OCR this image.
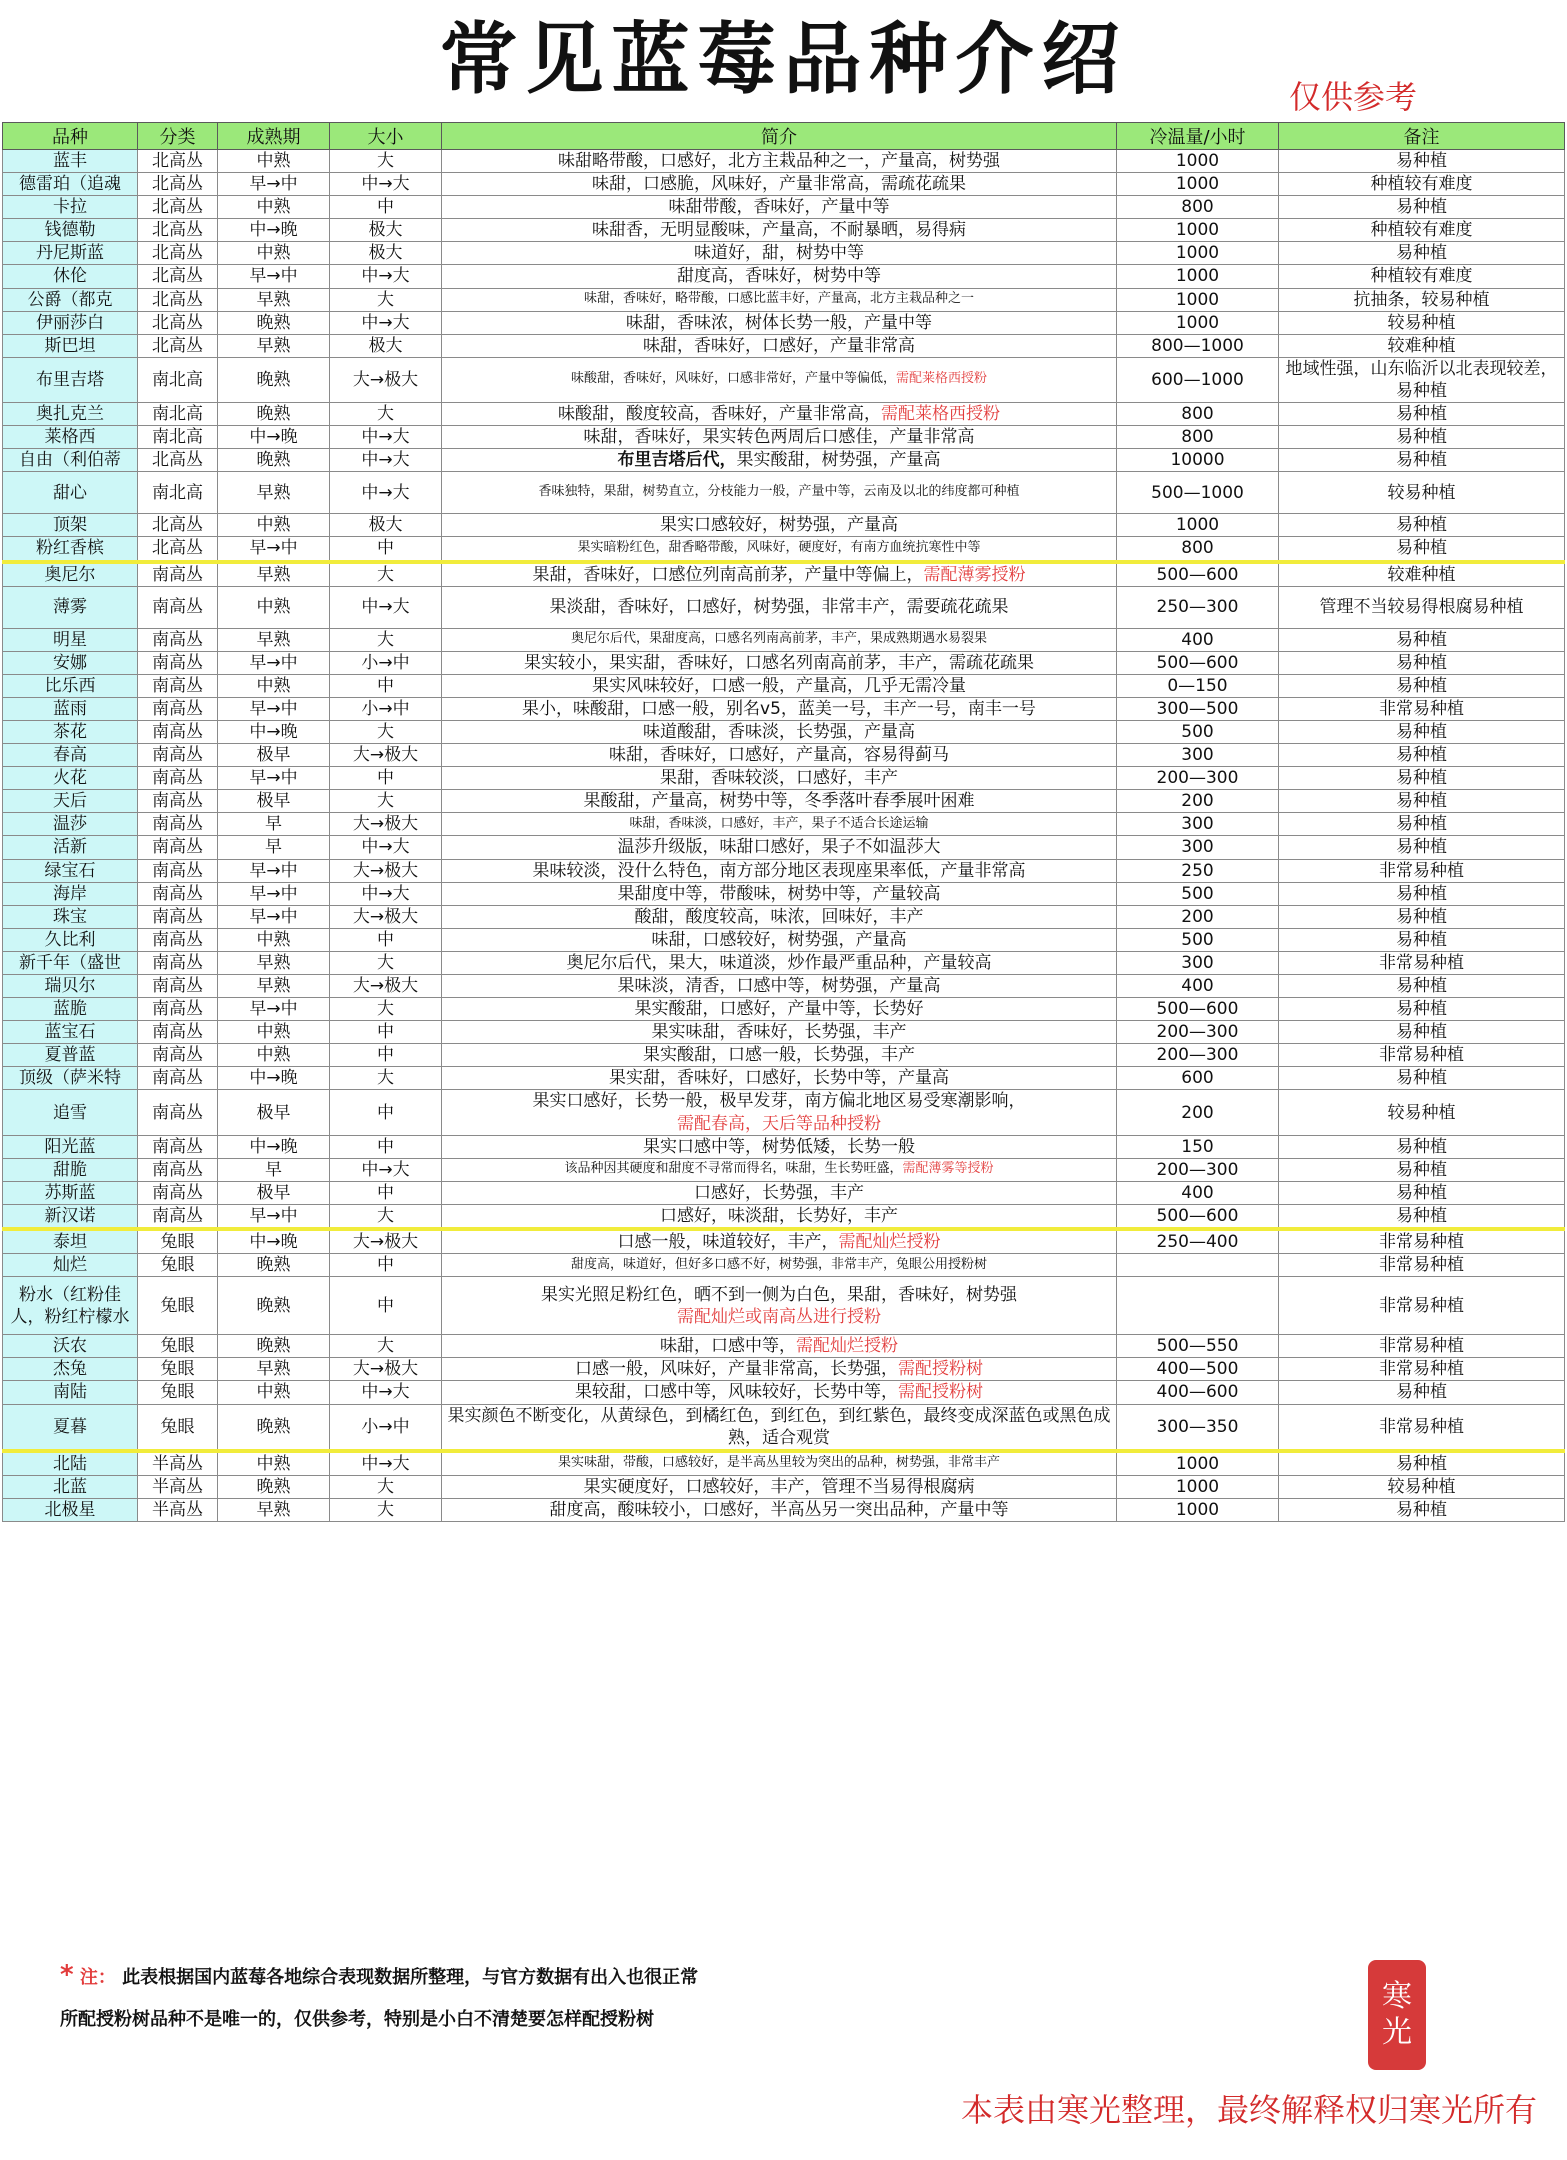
常见蓝莓品种介绍	仅供参考
品种	分类	成熟期	大小	简介	冷温量/小时	备注
蓝丰	北高丛	中熟	大	味甜略带酸，口感好，北方主栽品种之一，产量高，树势强	1000	易种植
德雷珀（追魂	北高丛	早→中	中→大	味甜，口感脆，风味好，产量非常高，需疏花疏果	1000	种植较有难度
卡拉	北高丛	中熟	中	味甜带酸，香味好，产量中等	800	易种植
钱德勒	北高丛	中→晚	极大	味甜香，无明显酸味，产量高，不耐暴晒，易得病	1000	种植较有难度
丹尼斯蓝	北高丛	中熟	极大	味道好，甜，树势中等	1000	易种植
休伦	北高丛	早→中	中→大	甜度高，香味好，树势中等	1000	种植较有难度
公爵（都克	北高丛	早熟	大	味甜，香味好，略带酸，口感比蓝丰好，产量高，北方主栽品种之一	1000	抗抽条，较易种植
伊丽莎白	北高丛	晚熟	中→大	味甜，香味浓，树体长势一般，产量中等	1000	较易种植
斯巴坦	北高丛	早熟	极大	味甜，香味好，口感好，产量非常高	800—1000	较难种植
布里吉塔	南北高	晚熟	大→极大	味酸甜，香味好，风味好，口感非常好，产量中等偏低，需配莱格西授粉	600—1000	地域性强，山东临沂以北表现较差，易种植
奥扎克兰	南北高	晚熟	大	味酸甜，酸度较高，香味好，产量非常高，需配莱格西授粉	800	易种植
莱格西	南北高	中→晚	中→大	味甜，香味好，果实转色两周后口感佳，产量非常高	800	易种植
自由（利伯蒂	北高丛	晚熟	中→大	布里吉塔后代，果实酸甜，树势强，产量高	10000	易种植
甜心	南北高	早熟	中→大	香味独特，果甜，树势直立，分枝能力一般，产量中等，云南及以北的纬度都可种植	500—1000	较易种植
顶架	北高丛	中熟	极大	果实口感较好，树势强，产量高	1000	易种植
粉红香槟	北高丛	早→中	中	果实暗粉红色，甜香略带酸，风味好，硬度好，有南方血统抗寒性中等	800	易种植
奥尼尔	南高丛	早熟	大	果甜，香味好，口感位列南高前茅，产量中等偏上，需配薄雾授粉	500—600	较难种植
薄雾	南高丛	中熟	中→大	果淡甜，香味好，口感好，树势强，非常丰产，需要疏花疏果	250—300	管理不当较易得根腐易种植
明星	南高丛	早熟	大	奥尼尔后代，果甜度高，口感名列南高前茅，丰产，果成熟期遇水易裂果	400	易种植
安娜	南高丛	早→中	小→中	果实较小，果实甜，香味好，口感名列南高前茅，丰产，需疏花疏果	500—600	易种植
比乐西	南高丛	中熟	中	果实风味较好，口感一般，产量高，几乎无需冷量	0—150	易种植
蓝雨	南高丛	早→中	小→中	果小，味酸甜，口感一般，别名v5，蓝美一号，丰产一号，南丰一号	300—500	非常易种植
茶花	南高丛	中→晚	大	味道酸甜，香味淡，长势强，产量高	500	易种植
春高	南高丛	极早	大→极大	味甜，香味好，口感好，产量高，容易得蓟马	300	易种植
火花	南高丛	早→中	中	果甜，香味较淡，口感好，丰产	200—300	易种植
天后	南高丛	极早	大	果酸甜，产量高，树势中等，冬季落叶春季展叶困难	200	易种植
温莎	南高丛	早	大→极大	味甜，香味淡，口感好，丰产，果子不适合长途运输	300	易种植
活新	南高丛	早	中→大	温莎升级版，味甜口感好，果子不如温莎大	300	易种植
绿宝石	南高丛	早→中	大→极大	果味较淡，没什么特色，南方部分地区表现座果率低，产量非常高	250	非常易种植
海岸	南高丛	早→中	中→大	果甜度中等，带酸味，树势中等，产量较高	500	易种植
珠宝	南高丛	早→中	大→极大	酸甜，酸度较高，味浓，回味好，丰产	200	易种植
久比利	南高丛	中熟	中	味甜，口感较好，树势强，产量高	500	易种植
新千年（盛世	南高丛	早熟	大	奥尼尔后代，果大，味道淡，炒作最严重品种，产量较高	300	非常易种植
瑞贝尔	南高丛	早熟	大→极大	果味淡，清香，口感中等，树势强，产量高	400	易种植
蓝脆	南高丛	早→中	大	果实酸甜，口感好，产量中等，长势好	500—600	易种植
蓝宝石	南高丛	中熟	中	果实味甜，香味好，长势强，丰产	200—300	易种植
夏普蓝	南高丛	中熟	中	果实酸甜，口感一般，长势强，丰产	200—300	非常易种植
顶级（萨米特	南高丛	中→晚	大	果实甜，香味好，口感好，长势中等，产量高	600	易种植
追雪	南高丛	极早	中	果实口感好，长势一般，极早发芽，南方偏北地区易受寒潮影响，
需配春高，天后等品种授粉	200	较易种植
阳光蓝	南高丛	中→晚	中	果实口感中等，树势低矮，长势一般	150	易种植
甜脆	南高丛	早	中→大	该品种因其硬度和甜度不寻常而得名，味甜，生长势旺盛，需配薄雾等授粉	200—300	易种植
苏斯蓝	南高丛	极早	中	口感好，长势强，丰产	400	易种植
新汉诺	南高丛	早→中	大	口感好，味淡甜，长势好，丰产	500—600	易种植
泰坦	兔眼	中→晚	大→极大	口感一般，味道较好，丰产，需配灿烂授粉	250—400	非常易种植
灿烂	兔眼	晚熟	中	甜度高，味道好，但好多口感不好，树势强，非常丰产，兔眼公用授粉树		非常易种植
粉水（红粉佳人，粉红柠檬水	兔眼	晚熟	中	果实光照足粉红色，晒不到一侧为白色，果甜，香味好，树势强
需配灿烂或南高丛进行授粉		非常易种植
沃农	兔眼	晚熟	大	味甜，口感中等，需配灿烂授粉	500—550	非常易种植
杰兔	兔眼	早熟	大→极大	口感一般，风味好，产量非常高，长势强，需配授粉树	400—500	非常易种植
南陆	兔眼	中熟	中→大	果较甜，口感中等，风味较好，长势中等，需配授粉树	400—600	易种植
夏暮	兔眼	晚熟	小→中	果实颜色不断变化，从黄绿色，到橘红色，到红色，到红紫色，最终变成深蓝色或黑色成熟，适合观赏	300—350	非常易种植
北陆	半高丛	中熟	中→大	果实味甜，带酸，口感较好，是半高丛里较为突出的品种，树势强，非常丰产	1000	易种植
北蓝	半高丛	晚熟	大	果实硬度好，口感较好，丰产，管理不当易得根腐病	1000	较易种植
北极星	半高丛	早熟	大	甜度高，酸味较小，口感好，半高丛另一突出品种，产量中等	1000	易种植
* 注： 此表根据国内蓝莓各地综合表现数据所整理，与官方数据有出入也很正常
所配授粉树品种不是唯一的，仅供参考，特别是小白不清楚要怎样配授粉树
寒
光
本表由寒光整理，最终解释权归寒光所有
